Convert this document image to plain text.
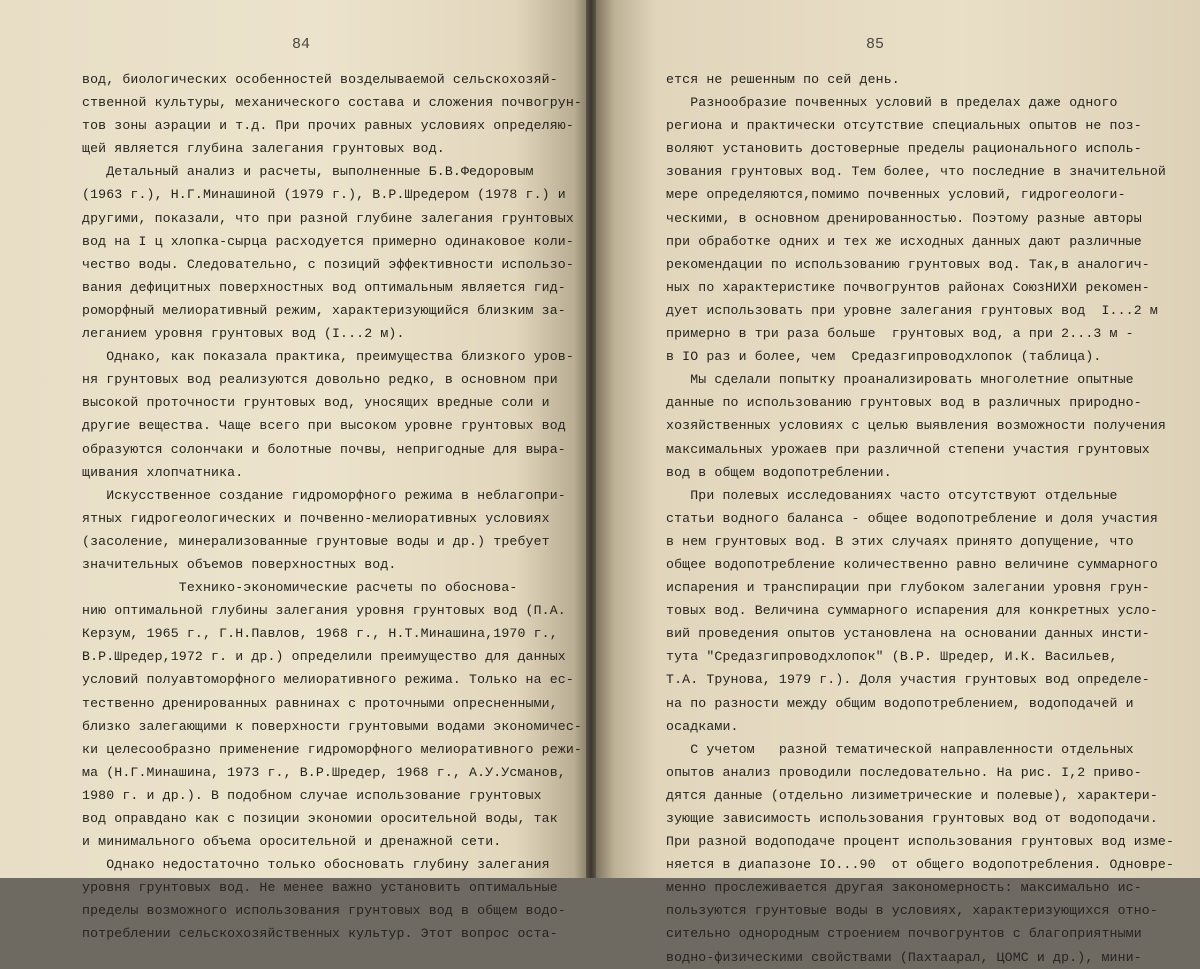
84
вод, биологических особенностей возделываемой сельскохозяй-
ственной культуры, механического состава и сложения почвогрун-
тов зоны аэрации и т.д. При прочих равных условиях определяю-
щей является глубина залегания грунтовых вод.
Детальный анализ и расчеты, выполненные Б.В.Федоровым
(1963 г.), Н.Г.Минашиной (1979 г.), В.Р.Шредером (1978 г.) и
другими, показали, что при разной глубине залегания грунтовых
вод на I ц хлопка-сырца расходуется примерно одинаковое коли-
чество воды. Следовательно, с позиций эффективности использо-
вания дефицитных поверхностных вод оптимальным является гид-
роморфный мелиоративный режим, характеризующийся близким за-
леганием уровня грунтовых вод (I...2 м).
Однако, как показала практика, преимущества близкого уров-
ня грунтовых вод реализуются довольно редко, в основном при
высокой проточности грунтовых вод, уносящих вредные соли и
другие вещества. Чаще всего при высоком уровне грунтовых вод
образуются солончаки и болотные почвы, непригодные для выра-
щивания хлопчатника.
Искусственное создание гидроморфного режима в неблагопри-
ятных гидрогеологических и почвенно-мелиоративных условиях
(засоление, минерализованные грунтовые воды и др.) требует
значительных объемов поверхностных вод.
Технико-экономические расчеты по обоснова-
нию оптимальной глубины залегания уровня грунтовых вод (П.А.
Керзум, 1965 г., Г.Н.Павлов, 1968 г., Н.Т.Минашина,1970 г.,
В.Р.Шредер,1972 г. и др.) определили преимущество для данных
условий полуавтоморфного мелиоративного режима. Только на ес-
тественно дренированных равнинах с проточными опресненными,
близко залегающими к поверхности грунтовыми водами экономичес-
ки целесообразно применение гидроморфного мелиоративного режи-
ма (Н.Г.Минашина, 1973 г., В.Р.Шредер, 1968 г., А.У.Усманов,
1980 г. и др.). В подобном случае использование грунтовых
вод оправдано как с позиции экономии оросительной воды, так
и минимального объема оросительной и дренажной сети.
Однако недостаточно только обосновать глубину залегания
уровня грунтовых вод. Не менее важно установить оптимальные
пределы возможного использования грунтовых вод в общем водо-
потреблении сельскохозяйственных культур. Этот вопрос оста-
85
ется не решенным по сей день.
Разнообразие почвенных условий в пределах даже одного
региона и практически отсутствие специальных опытов не поз-
воляют установить достоверные пределы рационального исполь-
зования грунтовых вод. Тем более, что последние в значительной
мере определяются,помимо почвенных условий, гидрогеологи-
ческими, в основном дренированностью. Поэтому разные авторы
при обработке одних и тех же исходных данных дают различные
рекомендации по использованию грунтовых вод. Так,в аналогич-
ных по характеристике почвогрунтов районах СоюзНИХИ рекомен-
дует использовать при уровне залегания грунтовых вод  I...2 м
примерно в три раза больше  грунтовых вод, а при 2...3 м -
в IО раз и более, чем  Средазгипроводхлопок (таблица).
Мы сделали попытку проанализировать многолетние опытные
данные по использованию грунтовых вод в различных природно-
хозяйственных условиях с целью выявления возможности получения
максимальных урожаев при различной степени участия грунтовых
вод в общем водопотреблении.
При полевых исследованиях часто отсутствуют отдельные
статьи водного баланса - общее водопотребление и доля участия
в нем грунтовых вод. В этих случаях принято допущение, что
общее водопотребление количественно равно величине суммарного
испарения и транспирации при глубоком залегании уровня грун-
товых вод. Величина суммарного испарения для конкретных усло-
вий проведения опытов установлена на основании данных инсти-
тута "Средазгипроводхлопок" (В.Р. Шредер, И.К. Васильев,
Т.А. Трунова, 1979 г.). Доля участия грунтовых вод определе-
на по разности между общим водопотреблением, водоподачей и
осадками.
С учетом   разной тематической направленности отдельных
опытов анализ проводили последовательно. На рис. I,2 приво-
дятся данные (отдельно лизиметрические и полевые), характери-
зующие зависимость использования грунтовых вод от водоподачи.
При разной водоподаче процент использования грунтовых вод изме-
няется в диапазоне IО...90  от общего водопотребления. Одновре-
менно прослеживается другая закономерность: максимально ис-
пользуются грунтовые воды в условиях, характеризующихся отно-
сительно однородным строением почвогрунтов с благоприятными
водно-физическими свойствами (Пахтаарал, ЦОМС и др.), мини-
